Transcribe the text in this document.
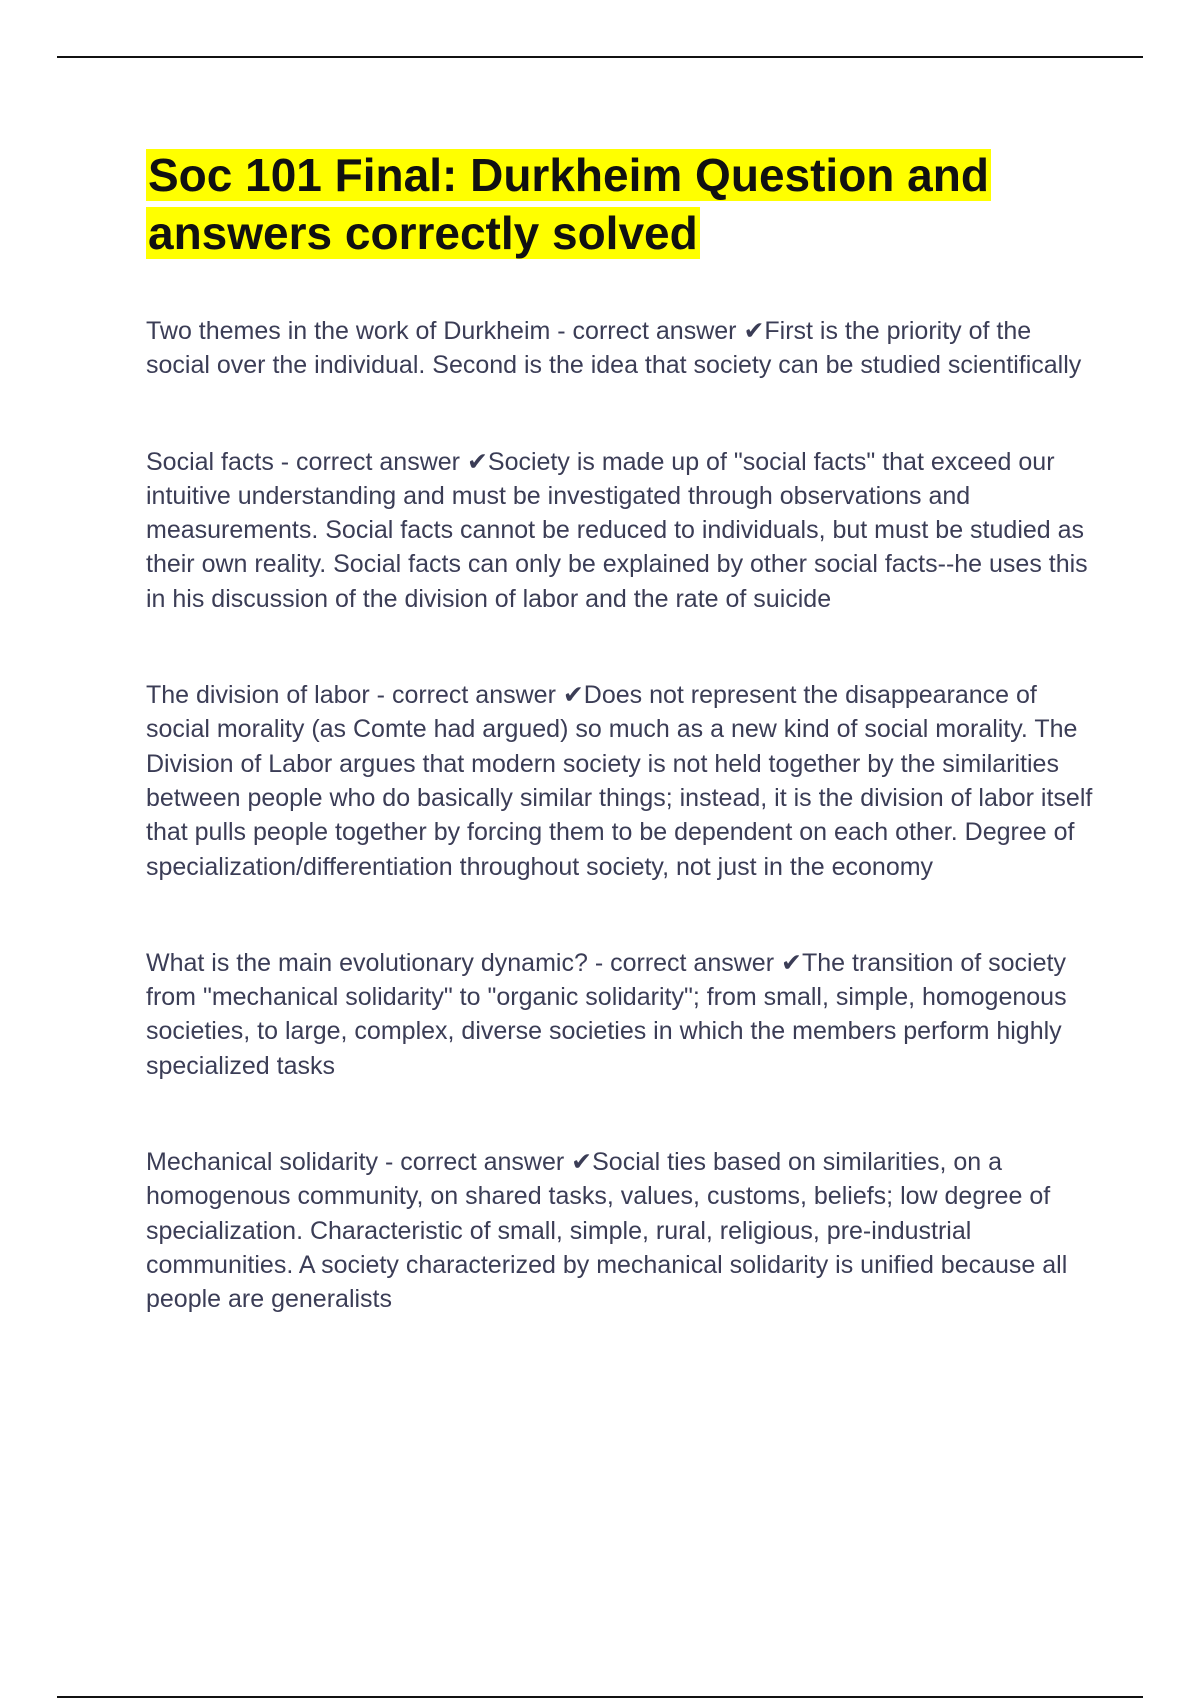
Soc 101 Final: Durkheim Question and answers correctly solved

Two themes in the work of Durkheim - correct answer ✔First is the priority of the social over the individual. Second is the idea that society can be studied scientifically

Social facts - correct answer ✔Society is made up of "social facts" that exceed our intuitive understanding and must be investigated through observations and measurements. Social facts cannot be reduced to individuals, but must be studied as their own reality. Social facts can only be explained by other social facts--he uses this in his discussion of the division of labor and the rate of suicide

The division of labor - correct answer ✔Does not represent the disappearance of social morality (as Comte had argued) so much as a new kind of social morality. The Division of Labor argues that modern society is not held together by the similarities between people who do basically similar things; instead, it is the division of labor itself that pulls people together by forcing them to be dependent on each other. Degree of specialization/differentiation throughout society, not just in the economy

What is the main evolutionary dynamic? - correct answer ✔The transition of society from "mechanical solidarity" to "organic solidarity"; from small, simple, homogenous societies, to large, complex, diverse societies in which the members perform highly specialized tasks

Mechanical solidarity - correct answer ✔Social ties based on similarities, on a homogenous community, on shared tasks, values, customs, beliefs; low degree of specialization. Characteristic of small, simple, rural, religious, pre-industrial communities. A society characterized by mechanical solidarity is unified because all people are generalists
